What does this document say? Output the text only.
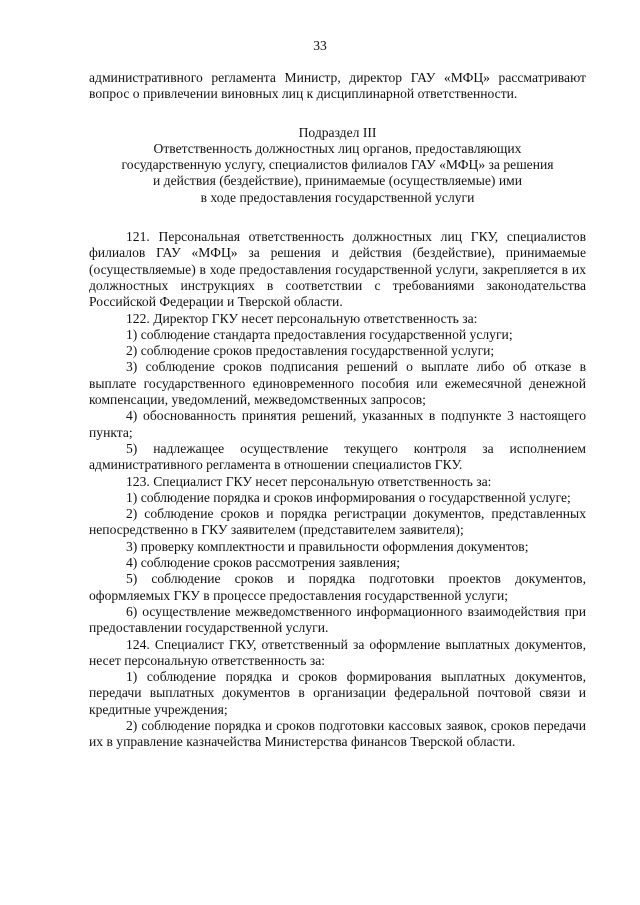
33

административного регламента Министр, директор ГАУ «МФЦ» рассматривают вопрос о привлечении виновных лиц к дисциплинарной ответственности.

Подраздел III
Ответственность должностных лиц органов, предоставляющих
государственную услугу, специалистов филиалов ГАУ «МФЦ» за решения
и действия (бездействие), принимаемые (осуществляемые) ими
в ходе предоставления государственной услуги

121. Персональная ответственность должностных лиц ГКУ, специалистов филиалов ГАУ «МФЦ» за решения и действия (бездействие), принимаемые (осуществляемые) в ходе предоставления государственной услуги, закрепляется в их должностных инструкциях в соответствии с требованиями законодательства Российской Федерации и Тверской области.

122. Директор ГКУ несет персональную ответственность за:

1) соблюдение стандарта предоставления государственной услуги;

2) соблюдение сроков предоставления государственной услуги;

3) соблюдение сроков подписания решений о выплате либо об отказе в выплате государственного единовременного пособия или ежемесячной денежной компенсации, уведомлений, межведомственных запросов;

4) обоснованность принятия решений, указанных в подпункте 3 настоящего пункта;

5) надлежащее осуществление текущего контроля за исполнением административного регламента в отношении специалистов ГКУ.

123. Специалист ГКУ несет персональную ответственность за:

1) соблюдение порядка и сроков информирования о государственной услуге;

2) соблюдение сроков и порядка регистрации документов, представленных непосредственно в ГКУ заявителем (представителем заявителя);

3) проверку комплектности и правильности оформления документов;

4) соблюдение сроков рассмотрения заявления;

5) соблюдение сроков и порядка подготовки проектов документов, оформляемых ГКУ в процессе предоставления государственной услуги;

6) осуществление межведомственного информационного взаимодействия при предоставлении государственной услуги.

124. Специалист ГКУ, ответственный за оформление выплатных документов, несет персональную ответственность за:

1) соблюдение порядка и сроков формирования выплатных документов, передачи выплатных документов в организации федеральной почтовой связи и кредитные учреждения;

2) соблюдение порядка и сроков подготовки кассовых заявок, сроков передачи их в управление казначейства Министерства финансов Тверской области.
